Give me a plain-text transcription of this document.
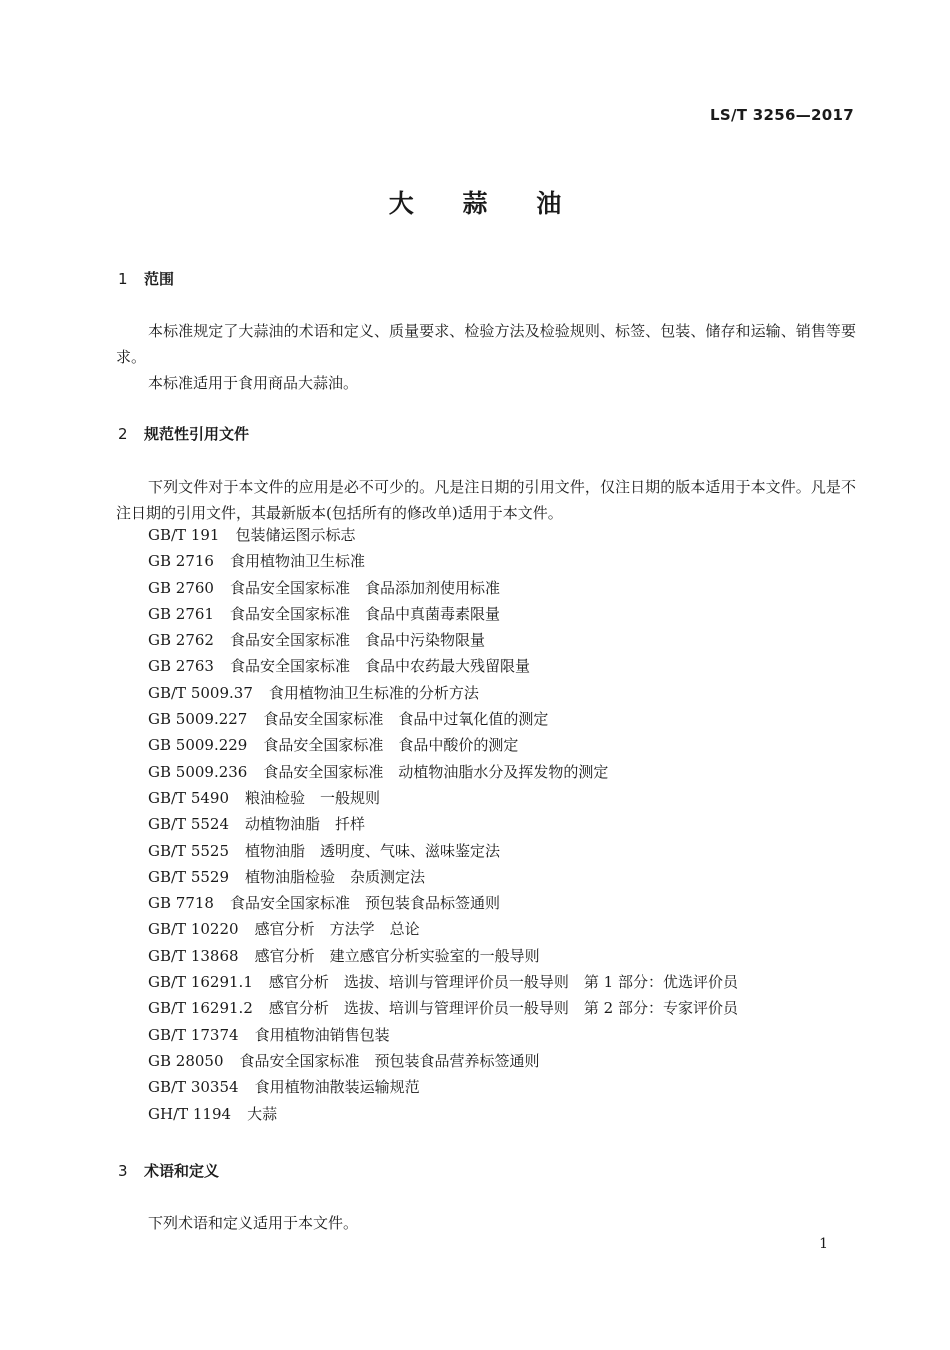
LS/T 3256—2017
大 蒜 油
1 范围

本标准规定了大蒜油的术语和定义、质量要求、检验方法及检验规则、标签、包装、储存和运输、销售等要求。

本标准适用于食用商品大蒜油。

2 规范性引用文件

下列文件对于本文件的应用是必不可少的。凡是注日期的引用文件，仅注日期的版本适用于本文件。凡是不注日期的引用文件，其最新版本(包括所有的修改单)适用于本文件。

GB/T 191 包装储运图示标志
GB 2716 食用植物油卫生标准
GB 2760 食品安全国家标准　食品添加剂使用标准
GB 2761 食品安全国家标准　食品中真菌毒素限量
GB 2762 食品安全国家标准　食品中污染物限量
GB 2763 食品安全国家标准　食品中农药最大残留限量
GB/T 5009.37 食用植物油卫生标准的分析方法
GB 5009.227 食品安全国家标准　食品中过氧化值的测定
GB 5009.229 食品安全国家标准　食品中酸价的测定
GB 5009.236 食品安全国家标准　动植物油脂水分及挥发物的测定
GB/T 5490 粮油检验　一般规则
GB/T 5524 动植物油脂　扦样
GB/T 5525 植物油脂　透明度、气味、滋味鉴定法
GB/T 5529 植物油脂检验　杂质测定法
GB 7718 食品安全国家标准　预包装食品标签通则
GB/T 10220 感官分析　方法学　总论
GB/T 13868 感官分析　建立感官分析实验室的一般导则
GB/T 16291.1 感官分析　选拔、培训与管理评价员一般导则　第 1 部分：优选评价员
GB/T 16291.2 感官分析　选拔、培训与管理评价员一般导则　第 2 部分：专家评价员
GB/T 17374 食用植物油销售包装
GB 28050 食品安全国家标准　预包装食品营养标签通则
GB/T 30354 食用植物油散装运输规范
GH/T 1194 大蒜
3 术语和定义

下列术语和定义适用于本文件。

1
